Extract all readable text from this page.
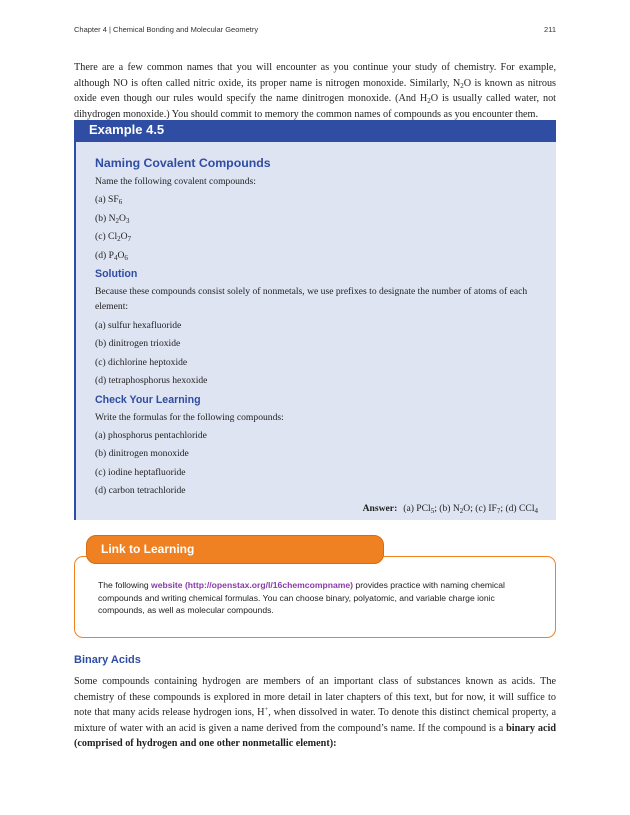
Chapter 4 | Chemical Bonding and Molecular Geometry	211

There are a few common names that you will encounter as you continue your study of chemistry. For example, although NO is often called nitric oxide, its proper name is nitrogen monoxide. Similarly, $N_2O$ is known as nitrous oxide even though our rules would specify the name dinitrogen monoxide. (And $H_2O$ is usually called water, not dihydrogen monoxide.) You should commit to memory the common names of compounds as you encounter them.

Example 4.5
Naming Covalent Compounds
Name the following covalent compounds:
(a) $SF_6$
(b) $N_2O_3$
(c) $Cl_2O_7$
(d) $P_4O_6$
Solution
Because these compounds consist solely of nonmetals, we use prefixes to designate the number of atoms of each element:
(a) sulfur hexafluoride
(b) dinitrogen trioxide
(c) dichlorine heptoxide
(d) tetraphosphorus hexoxide
Check Your Learning
Write the formulas for the following compounds:
(a) phosphorus pentachloride
(b) dinitrogen monoxide
(c) iodine heptafluoride
(d) carbon tetrachloride
Answer: (a) PCl$_5$; (b) $N_2O$; (c) $IF_7$; (d) CCl$_4$
Link to Learning

The following website (http://openstax.org/l/16chemcompname) provides practice with naming chemical compounds and writing chemical formulas. You can choose binary, polyatomic, and variable charge ionic compounds, as well as molecular compounds.

Binary Acids

Some compounds containing hydrogen are members of an important class of substances known as acids. The chemistry of these compounds is explored in more detail in later chapters of this text, but for now, it will suffice to note that many acids release hydrogen ions, H+, when dissolved in water. To denote this distinct chemical property, a mixture of water with an acid is given a name derived from the compound’s name. If the compound is a binary acid (comprised of hydrogen and one other nonmetallic element):
